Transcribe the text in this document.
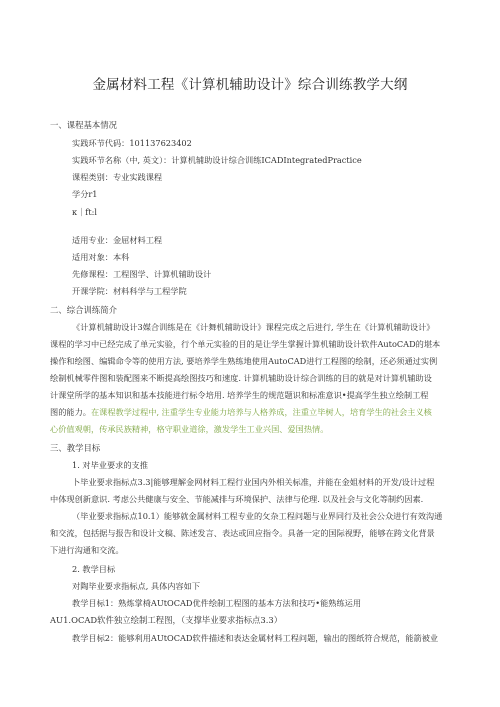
金属材料工程《计算机辅助设计》综合训练教学大纲
一、课程基本情况
实践环节代码：101137623402
实践环节名称（中, 英文）：计算机辅助设计综合训练ICADIntegratedPractice
课程类别：专业实践课程
学分r1
κ｜ft:l
适用专业：金屈材料工程
适用对象：本科
先修课程：工程图学、计算机辅助设计
开课学院：材料科学与工程学院
二、综合训练简介
《计算机辅助设计3媒合训练是在《计舞机辅助设计》课程完成之后进行, 学生在《计算机辅助设计》
课程的学习中已经完成了单元实验，行个单元实验的目的是让学生掌握计算机辅助设计软件AutoCAD的堪本
操作和绘图、编辑命令等的使用方法, 要培养学生熟练地使用AutoCAD进行工程图的绘制，还必须通过实例
绘制机械零件图和装配图来不断提高绘图技巧和速度. 计算机辅助设计综合训练的目的就是对计算机辅助设
计课堂所学的基本知识和基本技能进行标令培用. 培养学生的规范题识和标准意识•提高学生独立绘制工程
图的能力。在课程教学过程中, 注重学生专业能力培养与人格养成，注重立毕树人，培育学生的社会主义核
心价值观朝，传承民族精神，格守职业道徐，激发学生工业兴国、爱国热情。
三、教学目标
1. 对毕业要求的支推
卜毕业要求指标点3.3|能够理解金网材料工程行业国内外相关标准，并能在金姐材料的开发/设计过程
中体现创新意识. 考虑公共健康与安全、节能减排与环境保护、法律与伦理. 以及社会与文化等制约因素.
（毕业要求指标点10.1）能够就金属材料工程专业的攵杂工程问题与业界同行及社会公众进行有效沟通
和交流，包括据与报告和设计文稿、陈述发言、表达或回应指令。具备一定的国际视野，能够在跨文化背景
下进行沟通和交流。
2. 教学目标
对陶毕业要求指标点, 具体内容如下
教学目标1：熟炼掌椅AUtOCAD优件绘制工程图的基本方法和技巧•能熟练运用
AU1.OCAD软件独立绘制工程图，（支撑毕业要求指标点3.3）
教学目标2：能够利用AUtOCAD软件描述和表达金属材料工程问题，输出的图纸符合规范，能箭被业
